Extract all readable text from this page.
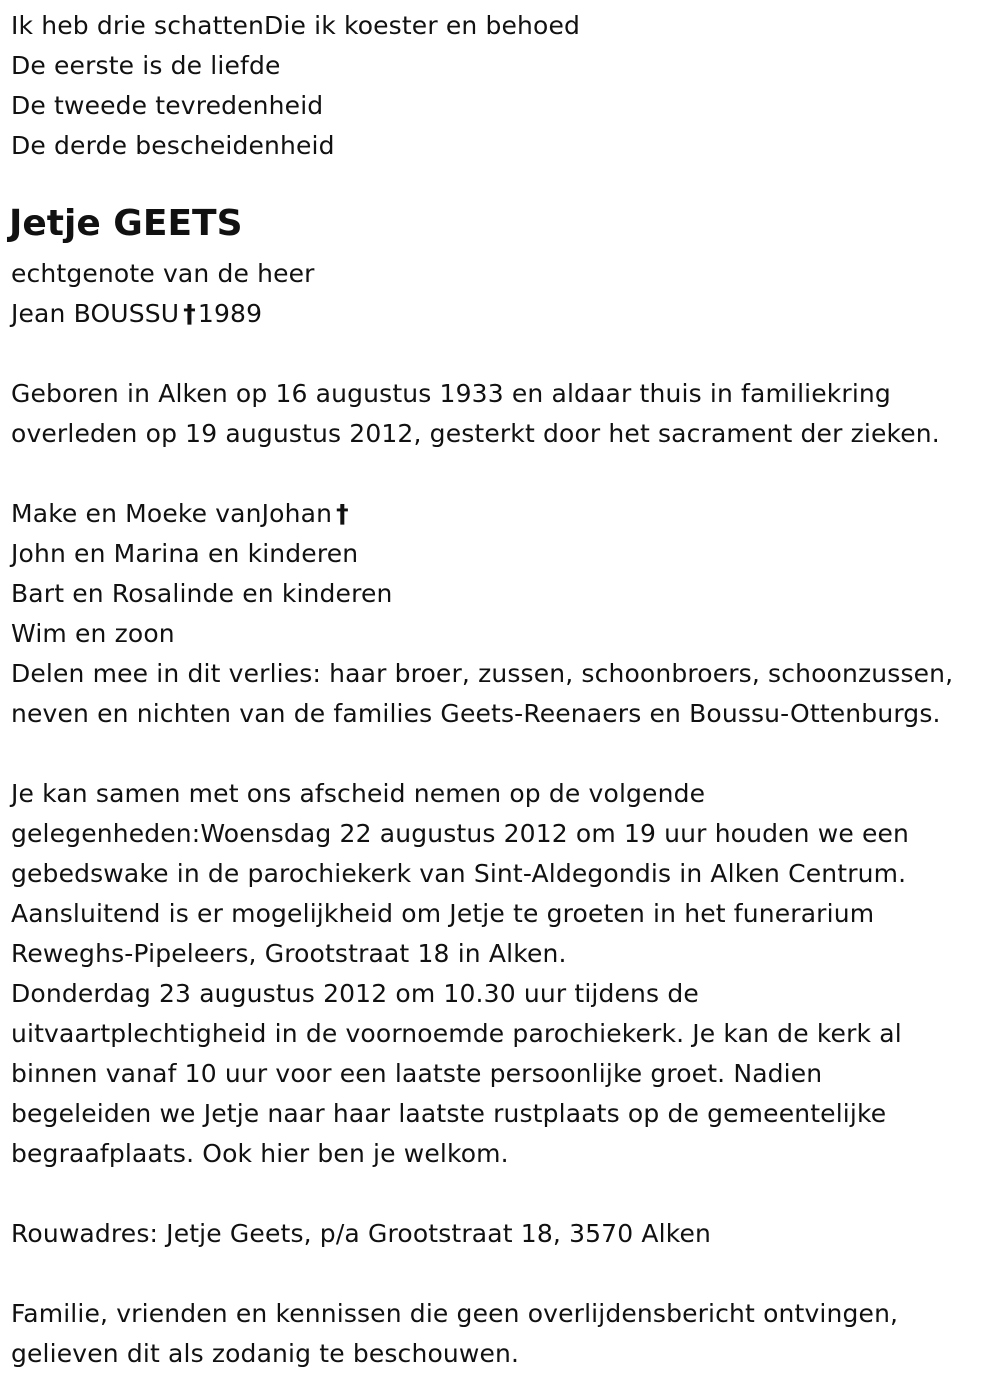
Ik heb drie schattenDie ik koester en behoed
De eerste is de liefde
De tweede tevredenheid
De derde bescheidenheid
Jetje GEETS
echtgenote van de heer
Jean BOUSSU †1989
Geboren in Alken op 16 augustus 1933 en aldaar thuis in familiekring
overleden op 19 augustus 2012, gesterkt door het sacrament der zieken.
Make en Moeke vanJohan †
John en Marina en kinderen
Bart en Rosalinde en kinderen
Wim en zoon
Delen mee in dit verlies: haar broer, zussen, schoonbroers, schoonzussen,
neven en nichten van de families Geets-Reenaers en Boussu-Ottenburgs.
Je kan samen met ons afscheid nemen op de volgende
gelegenheden:Woensdag 22 augustus 2012 om 19 uur houden we een
gebedswake in de parochiekerk van Sint-Aldegondis in Alken Centrum.
Aansluitend is er mogelijkheid om Jetje te groeten in het funerarium
Reweghs-Pipeleers, Grootstraat 18 in Alken.
Donderdag 23 augustus 2012 om 10.30 uur tijdens de
uitvaartplechtigheid in de voornoemde parochiekerk. Je kan de kerk al
binnen vanaf 10 uur voor een laatste persoonlijke groet. Nadien
begeleiden we Jetje naar haar laatste rustplaats op de gemeentelijke
begraafplaats. Ook hier ben je welkom.
Rouwadres: Jetje Geets, p/a Grootstraat 18, 3570 Alken
Familie, vrienden en kennissen die geen overlijdensbericht ontvingen,
gelieven dit als zodanig te beschouwen.
